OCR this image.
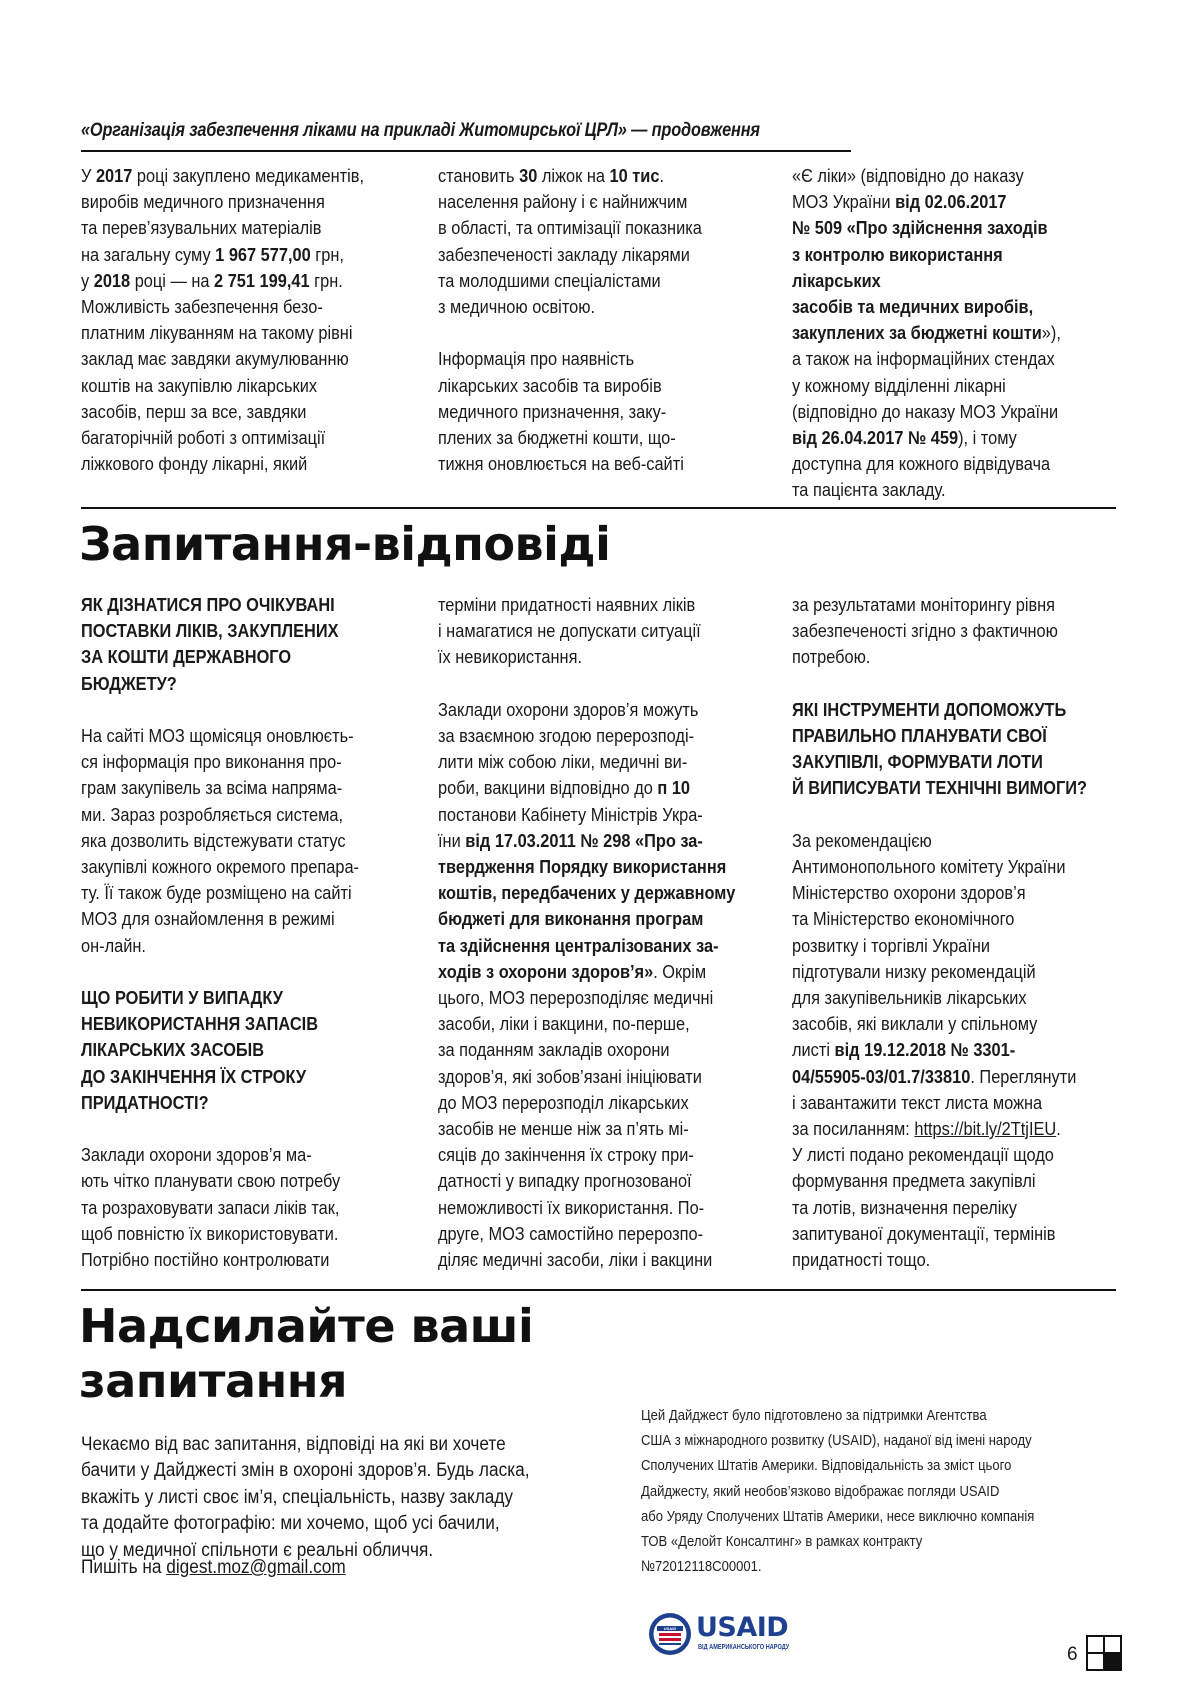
«Організація забезпечення ліками на прикладі Житомирської ЦРЛ» — продовження
У 2017 році закуплено медикаментів,
виробів медичного призначення
та перев’язувальних матеріалів
на загальну суму 1 967 577,00 грн,
у 2018 році — на 2 751 199,41 грн.
Можливість забезпечення безо-
платним лікуванням на такому рівні
заклад має завдяки акумулюванню
коштів на закупівлю лікарських
засобів, перш за все, завдяки
багаторічній роботі з оптимізації
ліжкового фонду лікарні, який
становить 30 ліжок на 10 тис.
населення району і є найнижчим
в області, та оптимізації показника
забезпеченості закладу лікарями
та молодшими спеціалістами
з медичною освітою.

Інформація про наявність
лікарських засобів та виробів
медичного призначення, заку-
плених за бюджетні кошти, що-
тижня оновлюється на веб-сайті
«Є ліки» (відповідно до наказу
МОЗ України від 02.06.2017
№ 509 «Про здійснення заходів
з контролю використання лікарських
засобів та медичних виробів,
закуплених за бюджетні кошти»),
а також на інформаційних стендах
у кожному відділенні лікарні
(відповідно до наказу МОЗ України
від 26.04.2017 № 459), і тому
доступна для кожного відвідувача
та пацієнта закладу.
Запитання-відповіді
ЯК ДІЗНАТИСЯ ПРО ОЧІКУВАНІ
ПОСТАВКИ ЛІКІВ, ЗАКУПЛЕНИХ
ЗА КОШТИ ДЕРЖАВНОГО
БЮДЖЕТУ?

На сайті МОЗ щомісяця оновлюєть-
ся інформація про виконання про-
грам закупівель за всіма напряма-
ми. Зараз розробляється система,
яка дозволить відстежувати статус
закупівлі кожного окремого препара-
ту. Її також буде розміщено на сайті
МОЗ для ознайомлення в режимі
он-лайн.

ЩО РОБИТИ У ВИПАДКУ
НЕВИКОРИСТАННЯ ЗАПАСІВ
ЛІКАРСЬКИХ ЗАСОБІВ
ДО ЗАКІНЧЕННЯ ЇХ СТРОКУ
ПРИДАТНОСТІ?

Заклади охорони здоров’я ма-
ють чітко планувати свою потребу
та розраховувати запаси ліків так,
щоб повністю їх використовувати.
Потрібно постійно контролювати
терміни придатності наявних ліків
і намагатися не допускати ситуації
їх невикористання.

Заклади охорони здоров’я можуть
за взаємною згодою перерозподі-
лити між собою ліки, медичні ви-
роби, вакцини відповідно до п 10
постанови Кабінету Міністрів Укра-
їни від 17.03.2011 № 298 «Про за-
твердження Порядку використання
коштів, передбачених у державному
бюджеті для виконання програм
та здійснення централізованих за-
ходів з охорони здоров’я». Окрім
цього, МОЗ перерозподіляє медичні
засоби, ліки і вакцини, по-перше,
за поданням закладів охорони
здоров’я, які зобов’язані ініціювати
до МОЗ перерозподіл лікарських
засобів не менше ніж за п’ять мі-
сяців до закінчення їх строку при-
датності у випадку прогнозованої
неможливості їх використання. По-
друге, МОЗ самостійно перерозпо-
діляє медичні засоби, ліки і вакцини
за результатами моніторингу рівня
забезпеченості згідно з фактичною
потребою.

ЯКІ ІНСТРУМЕНТИ ДОПОМОЖУТЬ
ПРАВИЛЬНО ПЛАНУВАТИ СВОЇ
ЗАКУПІВЛІ, ФОРМУВАТИ ЛОТИ
Й ВИПИСУВАТИ ТЕХНІЧНІ ВИМОГИ?

За рекомендацією
Антимонопольного комітету України
Міністерство охорони здоров’я
та Міністерство економічного
розвитку і торгівлі України
підготували низку рекомендацій
для закупівельників лікарських
засобів, які виклали у спільному
листі від 19.12.2018 № 3301-
04/55905-03/01.7/33810. Переглянути
і завантажити текст листа можна
за посиланням: https://bit.ly/2TtjIEU.
У листі подано рекомендації щодо
формування предмета закупівлі
та лотів, визначення переліку
запитуваної документації, термінів
придатності тощо.
Надсилайте ваші
запитання
Чекаємо від вас запитання, відповіді на які ви хочете
бачити у Дайджесті змін в охороні здоров’я. Будь ласка,
вкажіть у листі своє ім’я, спеціальність, назву закладу
та додайте фотографію: ми хочемо, щоб усі бачили,
що у медичної спільноти є реальні обличчя.
Пишіть на digest.moz@gmail.com
Цей Дайджест було підготовлено за підтримки Агентства
США з міжнародного розвитку (USAID), наданої від імені народу
Сполучених Штатів Америки. Відповідальність за зміст цього
Дайджесту, який необов’язково відображає погляди USAID
або Уряду Сполучених Штатів Америки, несе виключно компанія
ТОВ «Делойт Консалтинг» в рамках контракту №72012118C00001.
USAID USAID
ВІД АМЕРИКАНСЬКОГО НАРОДУ	6
